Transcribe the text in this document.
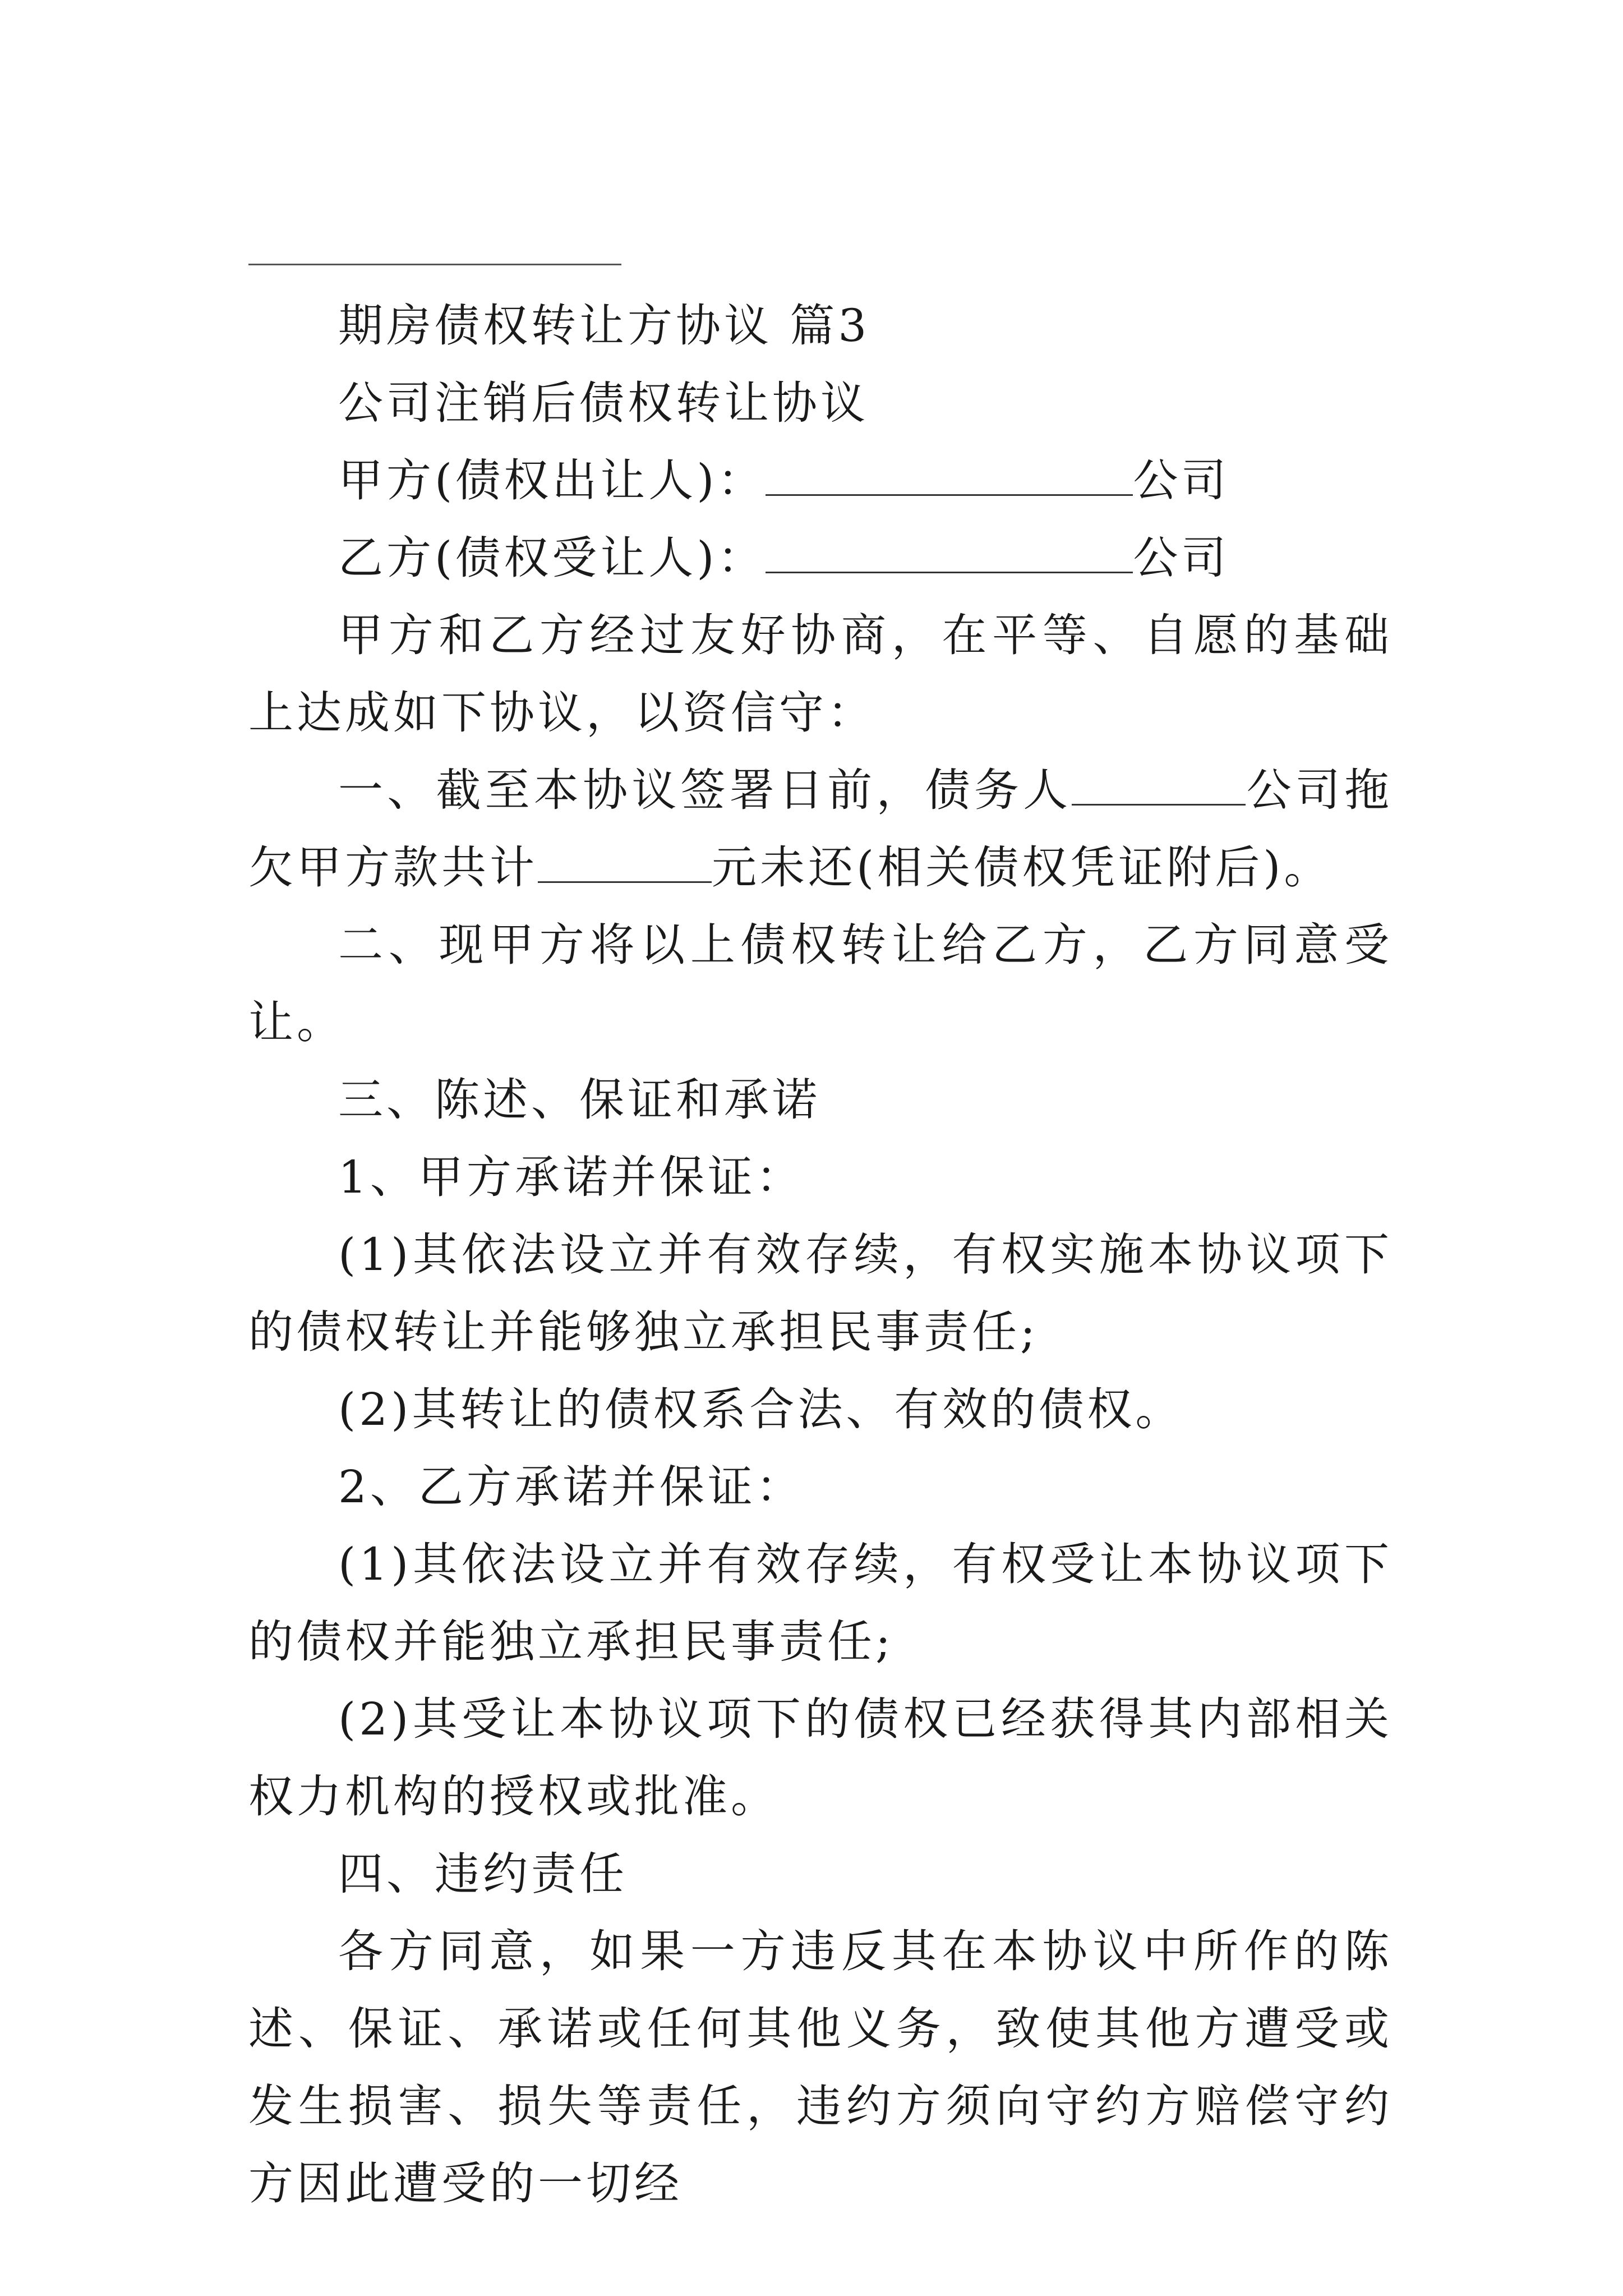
期房债权转让方协议 篇3

公司注销后债权转让协议

甲方(债权出让人)：	公司

乙方(债权受让人)：	公司

甲方和乙方经过友好协商，在平等、自愿的基础上达成如下协议，以资信守：

一、截至本协议签署日前，债务人	公司拖欠甲方款共计	元未还(相关债权凭证附后)。

二、现甲方将以上债权转让给乙方，乙方同意受让。

三、陈述、保证和承诺

1、甲方承诺并保证：

(1)其依法设立并有效存续，有权实施本协议项下的债权转让并能够独立承担民事责任;

(2)其转让的债权系合法、有效的债权。

2、乙方承诺并保证：

(1)其依法设立并有效存续，有权受让本协议项下的债权并能独立承担民事责任;

(2)其受让本协议项下的债权已经获得其内部相关权力机构的授权或批准。

四、违约责任

各方同意，如果一方违反其在本协议中所作的陈述、保证、承诺或任何其他义务，致使其他方遭受或发生损害、损失等责任，违约方须向守约方赔偿守约方因此遭受的一切经
